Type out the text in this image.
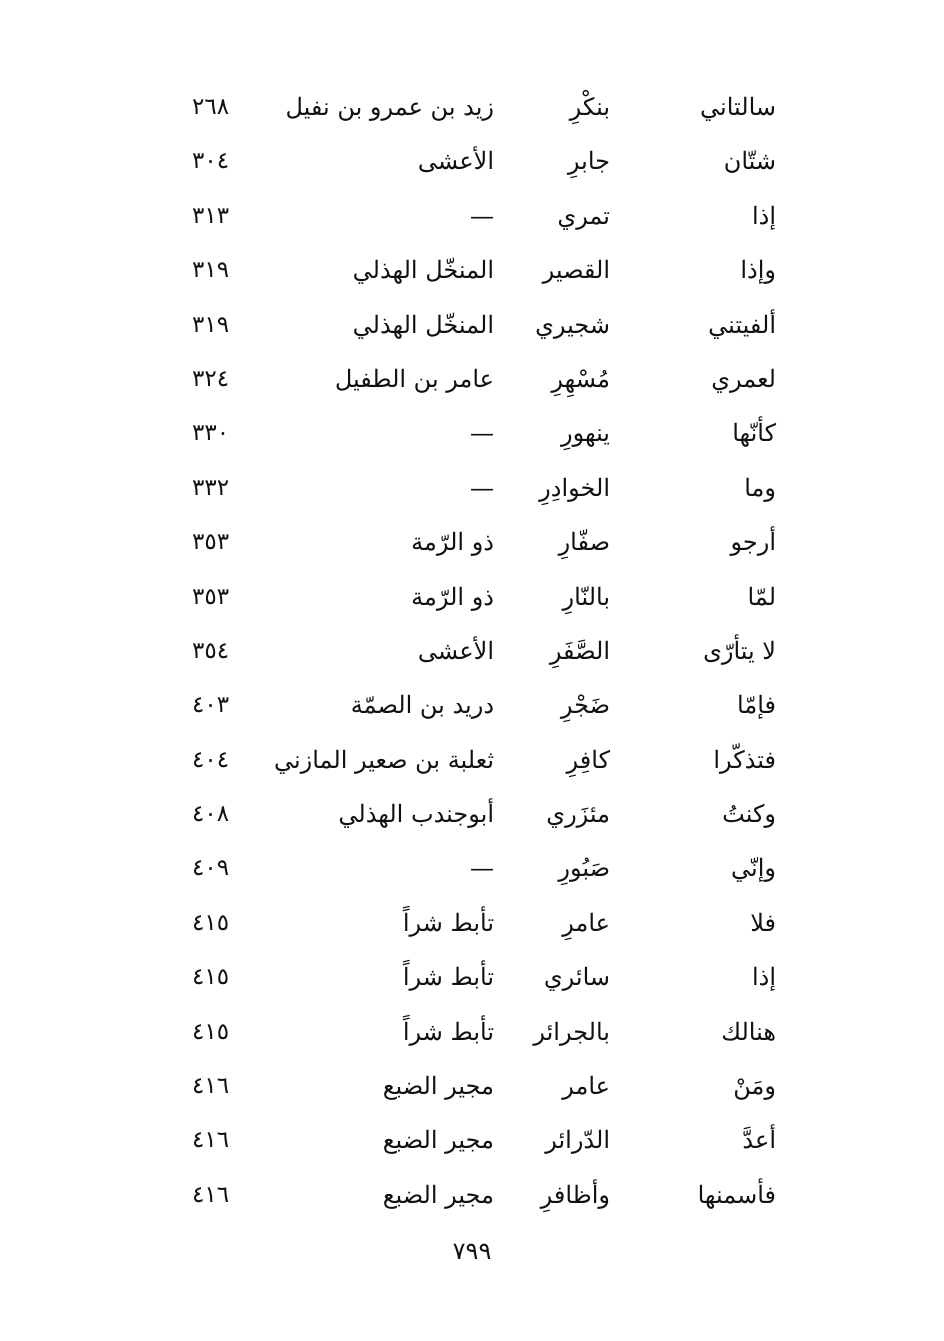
سالتاني
بنكْرِ
زيد بن عمرو بن نفيل
٢٦٨
شتّان
جابرِ
الأعشى
٣٠٤
إذا
تمري
—
٣١٣
وإذا
القصير
المنخّل الهذلي
٣١٩
ألفيتني
شجيري
المنخّل الهذلي
٣١٩
لعمري
مُسْهِرِ
عامر بن الطفيل
٣٢٤
كأنّها
ينهورِ
—
٣٣٠
وما
الخوادِرِ
—
٣٣٢
أرجو
صفّارِ
ذو الرّمة
٣٥٣
لمّا
بالنّارِ
ذو الرّمة
٣٥٣
لا يتأرّى
الصَّفَرِ
الأعشى
٣٥٤
فإمّا
ضَجْرِ
دريد بن الصمّة
٤٠٣
فتذكّرا
كافِرِ
ثعلبة بن صعير المازني
٤٠٤
وكنتُ
مئزَري
أبوجندب الهذلي
٤٠٨
وإنّي
صَبُورِ
—
٤٠٩
فلا
عامرِ
تأبط شراً
٤١٥
إذا
سائري
تأبط شراً
٤١٥
هنالك
بالجرائر
تأبط شراً
٤١٥
ومَنْ
عامر
مجير الضبع
٤١٦
أعدَّ
الدّرائر
مجير الضبع
٤١٦
فأسمنها
وأظافرِ
مجير الضبع
٤١٦
٧٩٩
